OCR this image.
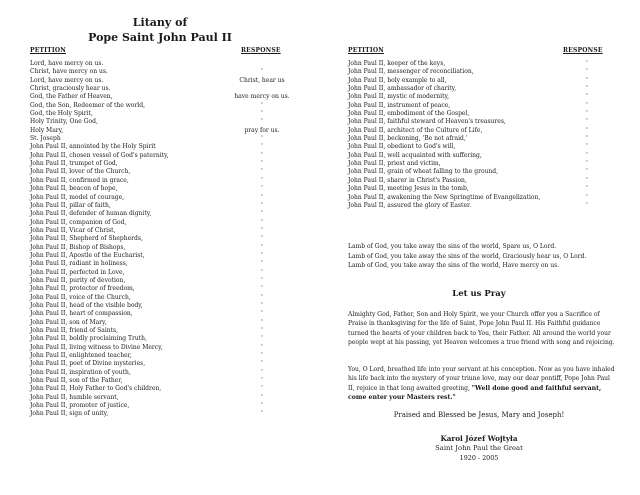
Litany of
Pope Saint John Paul II
PETITION	RESPONSE	PETITION	RESPONSE
Lord, have mercy on us.
Christ, have mercy on us.	'
Lord, have mercy on us.	Christ, hear us
Christ, graciously hear us.
God, the Father of Heaven,	have mercy on us.
God, the Son, Redeemer of the world,	'
God, the Holy Spirit,	'
Holy Trinity, One God,	'
Holy Mary,	pray for us.
St. Joseph	'
John Paul II, annointed by the Holy Spirit	'
John Paul II, chosen vessel of God's paternity,	'
John Paul II, trumpet of God,	'
John Paul II, lover of the Church,	'
John Paul II, confirmed in grace,	'
John Paul II, beacon of hope,	'
John Paul II, model of courage,	'
John Paul II, pillar of faith,	'
John Paul II, defender of human dignity,	'
John Paul II, companion of God,	'
John Paul II, Vicar of Christ,	'
John Paul II, Shepherd of Shepherds,	'
John Paul II, Bishop of Bishops,	'
John Paul II, Apostle of the Eucharist,	'
John Paul II, radiant in holiness,	'
John Paul II, perfected in Love,	'
John Paul II, purity of devotion,	'
John Paul II, protector of freedom,	'
John Paul II, voice of the Church,	'
John Paul II, head of the visible body,	'
John Paul II, heart of compassion,	'
John Paul II, son of Mary,	'
John Paul II, friend of Saints,	'
John Paul II, boldly proclaiming Truth,	'
John Paul II, living witness to Divine Mercy,	'
John Paul II, enlightened teacher,	'
John Paul II, poet of Divine mysteries,	'
John Paul II, inspiration of youth,	'
John Paul II, son of the Father,	'
John Paul II, Holy Father to God's children,	'
John Paul II, humble servant,	'
John Paul II, promoter of justice,	'
John Paul II, sign of unity,	'
John Paul II, keeper of the keys,	'
John Paul II, messenger of reconciliation,	'
John Paul II, holy example to all,	'
John Paul II, ambassador of charity,	'
John Paul II, mystic of modernity,	'
John Paul II, instrument of peace,	'
John Paul II, embodiment of the Gospel,	'
John Paul II, faithful steward of Heaven's treasures,	'
John Paul II, architect of the Culture of Life,	'
John Paul II, beckoning, 'Be not afraid,'	'
John Paul II, obedient to God's will,	'
John Paul II, well acquainted with suffering,	'
John Paul II, priest and victim,	'
John Paul II, grain of wheat falling to the ground,	'
John Paul II, sharer in Christ's Passion,	'
John Paul II, meeting Jesus in the tomb,	'
John Paul II, awakening the New Springtime of Evangelization,	'
John Paul II, assured the glory of Easter.	'
Lamb of God, you take away the sins of the world, Spare us, O Lord.
Lamb of God, you take away the sins of the world, Graciously hear us, O Lord.
Lamb of God, you take away the sins of the world, Have mercy on us.
Let us Pray
Almighty God, Father, Son and Holy Spirit, we your Church offer you a Sacrifice of Praise in thanksgiving for the life of Saint, Pope John Paul II. His Faithful guidance turned the hearts of your children back to You, their Father. All around the world your people wept at his passing, yet Heaven welcomes a true friend with song and rejoicing.
You, O Lord, breathed life into your servant at his conception. Now as you have inhaled his life back into the mystery of your triune love, may our dear pontiff, Pope John Paul II, rejoice in that long awaited greeting, "Well done good and faithful servant, come enter your Masters rest."
Praised and Blessed be Jesus, Mary and Joseph!
Karol Józef Wojtyła
Saint John Paul the Great
1920 - 2005
